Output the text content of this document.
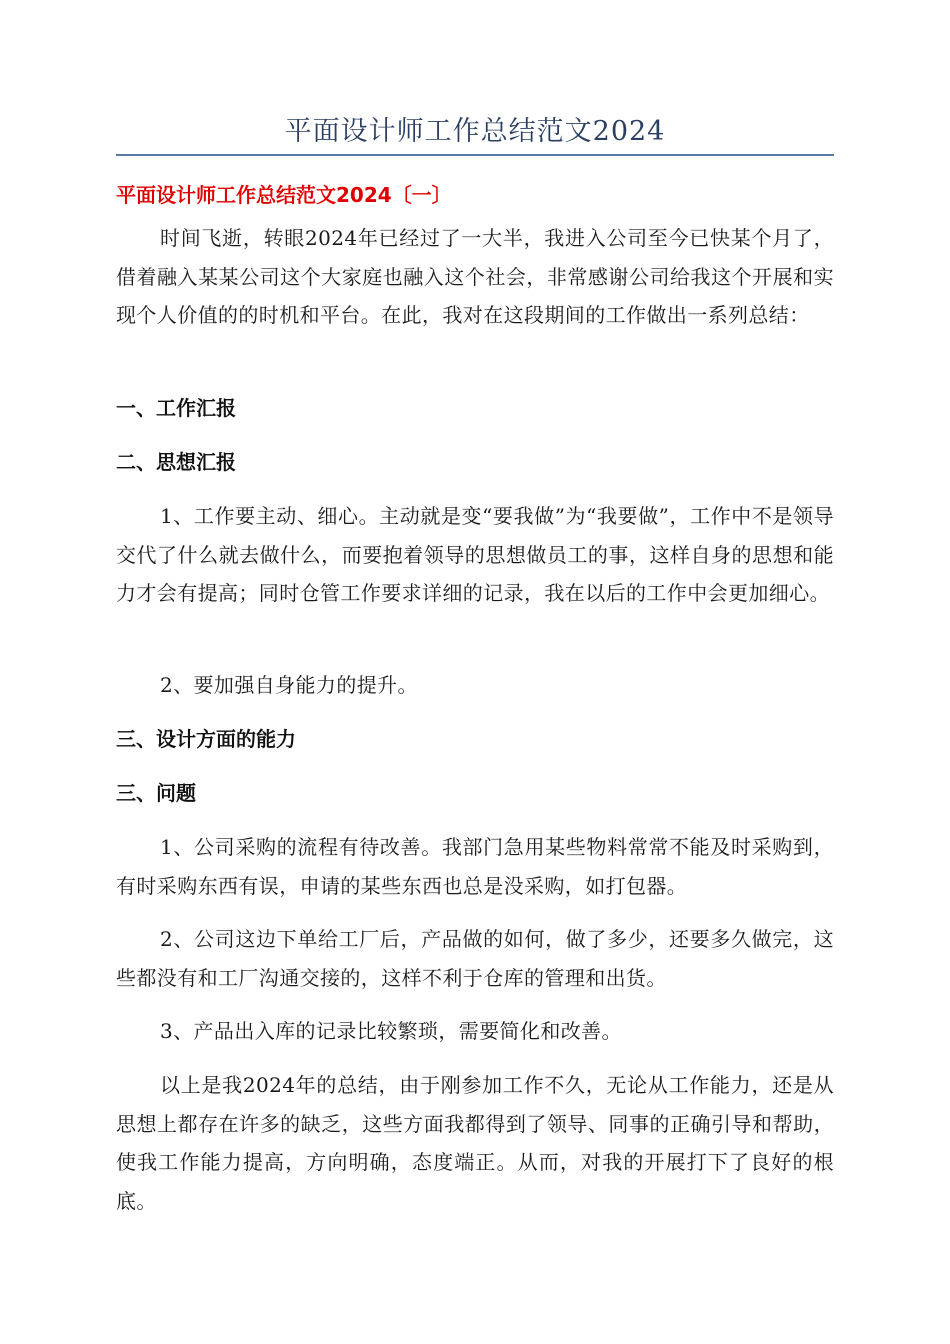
平面设计师工作总结范文2024
平面设计师工作总结范文2024〔一〕

时间飞逝，转眼2024年已经过了一大半，我进入公司至今已快某个月了，借着融入某某公司这个大家庭也融入这个社会，非常感谢公司给我这个开展和实现个人价值的的时机和平台。在此，我对在这段期间的工作做出一系列总结：

一、工作汇报

二、思想汇报

1、工作要主动、细心。主动就是变“要我做”为“我要做”，工作中不是领导交代了什么就去做什么，而要抱着领导的思想做员工的事，这样自身的思想和能力才会有提高；同时仓管工作要求详细的记录，我在以后的工作中会更加细心。

2、要加强自身能力的提升。

三、设计方面的能力

三、问题

1、公司采购的流程有待改善。我部门急用某些物料常常不能及时采购到，有时采购东西有误，申请的某些东西也总是没采购，如打包器。

2、公司这边下单给工厂后，产品做的如何，做了多少，还要多久做完，这些都没有和工厂沟通交接的，这样不利于仓库的管理和出货。

3、产品出入库的记录比较繁琐，需要简化和改善。

以上是我2024年的总结，由于刚参加工作不久，无论从工作能力，还是从思想上都存在许多的缺乏，这些方面我都得到了领导、同事的正确引导和帮助，使我工作能力提高，方向明确，态度端正。从而，对我的开展打下了良好的根底。
